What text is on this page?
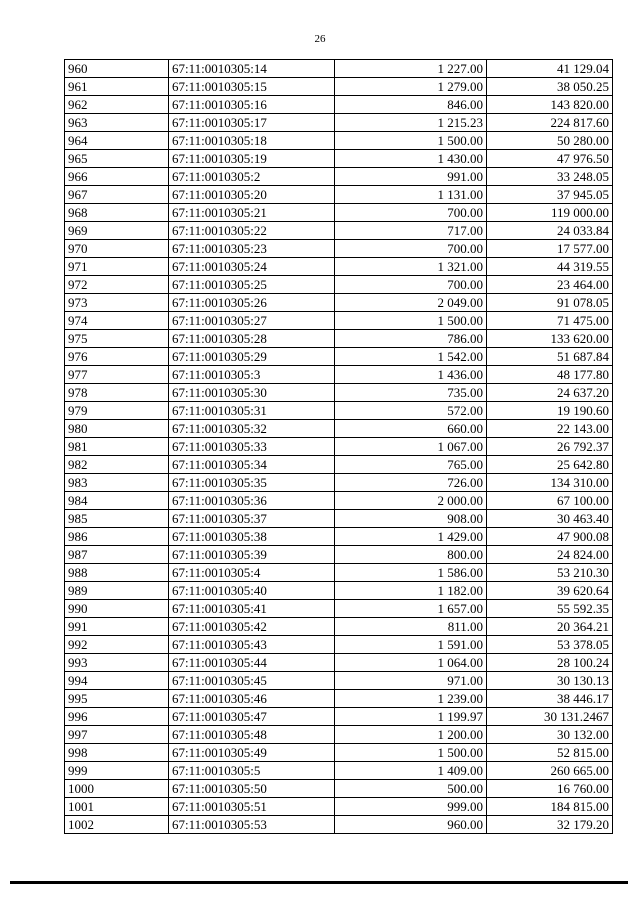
26
960	67:11:0010305:14	1 227.00	41 129.04
961	67:11:0010305:15	1 279.00	38 050.25
962	67:11:0010305:16	846.00	143 820.00
963	67:11:0010305:17	1 215.23	224 817.60
964	67:11:0010305:18	1 500.00	50 280.00
965	67:11:0010305:19	1 430.00	47 976.50
966	67:11:0010305:2	991.00	33 248.05
967	67:11:0010305:20	1 131.00	37 945.05
968	67:11:0010305:21	700.00	119 000.00
969	67:11:0010305:22	717.00	24 033.84
970	67:11:0010305:23	700.00	17 577.00
971	67:11:0010305:24	1 321.00	44 319.55
972	67:11:0010305:25	700.00	23 464.00
973	67:11:0010305:26	2 049.00	91 078.05
974	67:11:0010305:27	1 500.00	71 475.00
975	67:11:0010305:28	786.00	133 620.00
976	67:11:0010305:29	1 542.00	51 687.84
977	67:11:0010305:3	1 436.00	48 177.80
978	67:11:0010305:30	735.00	24 637.20
979	67:11:0010305:31	572.00	19 190.60
980	67:11:0010305:32	660.00	22 143.00
981	67:11:0010305:33	1 067.00	26 792.37
982	67:11:0010305:34	765.00	25 642.80
983	67:11:0010305:35	726.00	134 310.00
984	67:11:0010305:36	2 000.00	67 100.00
985	67:11:0010305:37	908.00	30 463.40
986	67:11:0010305:38	1 429.00	47 900.08
987	67:11:0010305:39	800.00	24 824.00
988	67:11:0010305:4	1 586.00	53 210.30
989	67:11:0010305:40	1 182.00	39 620.64
990	67:11:0010305:41	1 657.00	55 592.35
991	67:11:0010305:42	811.00	20 364.21
992	67:11:0010305:43	1 591.00	53 378.05
993	67:11:0010305:44	1 064.00	28 100.24
994	67:11:0010305:45	971.00	30 130.13
995	67:11:0010305:46	1 239.00	38 446.17
996	67:11:0010305:47	1 199.97	30 131.2467
997	67:11:0010305:48	1 200.00	30 132.00
998	67:11:0010305:49	1 500.00	52 815.00
999	67:11:0010305:5	1 409.00	260 665.00
1000	67:11:0010305:50	500.00	16 760.00
1001	67:11:0010305:51	999.00	184 815.00
1002	67:11:0010305:53	960.00	32 179.20
